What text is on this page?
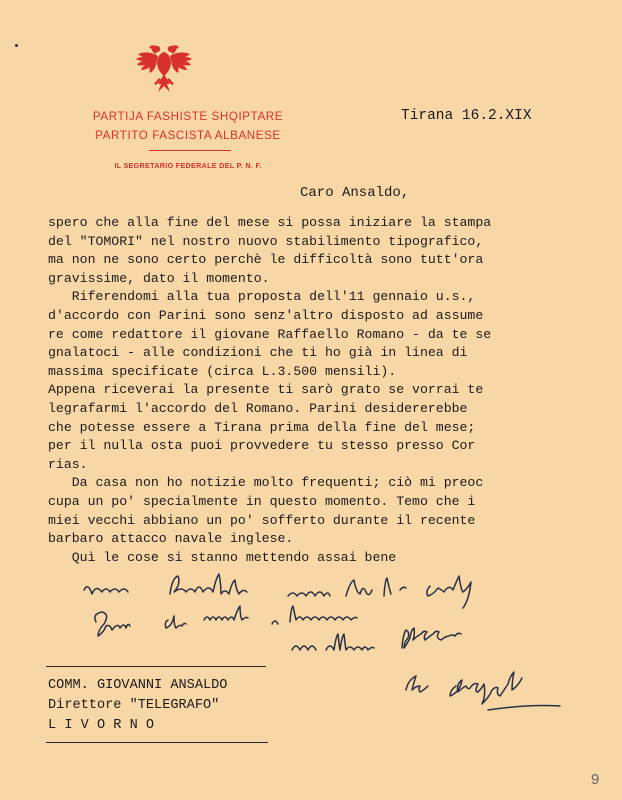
PARTIJA FASHISTE SHQIPTARE
PARTITO FASCISTA ALBANESE
IL SEGRETARIO FEDERALE DEL P. N. F.
Tirana 16.2.XIX
Caro Ansaldo,
spero che alla fine del mese si possa iniziare la stampa
del "TOMORI" nel nostro nuovo stabilimento tipografico,
ma non ne sono certo perchè le difficoltà sono tutt'ora
gravissime, dato il momento.
Riferendomi alla tua proposta dell'11 gennaio u.s.,
d'accordo con Parini sono senz'altro disposto ad assume
re come redattore il giovane Raffaello Romano - da te se
gnalatoci - alle condizioni che ti ho già in linea di
massima specificate (circa L.3.500 mensili).
Appena riceverai la presente ti sarò grato se vorrai te
legrafarmi l'accordo del Romano. Parini desidererebbe
che potesse essere a Tirana prima della fine del mese;
per il nulla osta puoi provvedere tu stesso presso Cor
rias.
Da casa non ho notizie molto frequenti; ciò mi preoc
cupa un po' specialmente in questo momento. Temo che i
miei vecchi abbiano un po' sofferto durante il recente
barbaro attacco navale inglese.
Quì le cose si stanno mettendo assai bene
COMM. GIOVANNI ANSALDO
Direttore "TELEGRAFO"
L I V O R N O
9
